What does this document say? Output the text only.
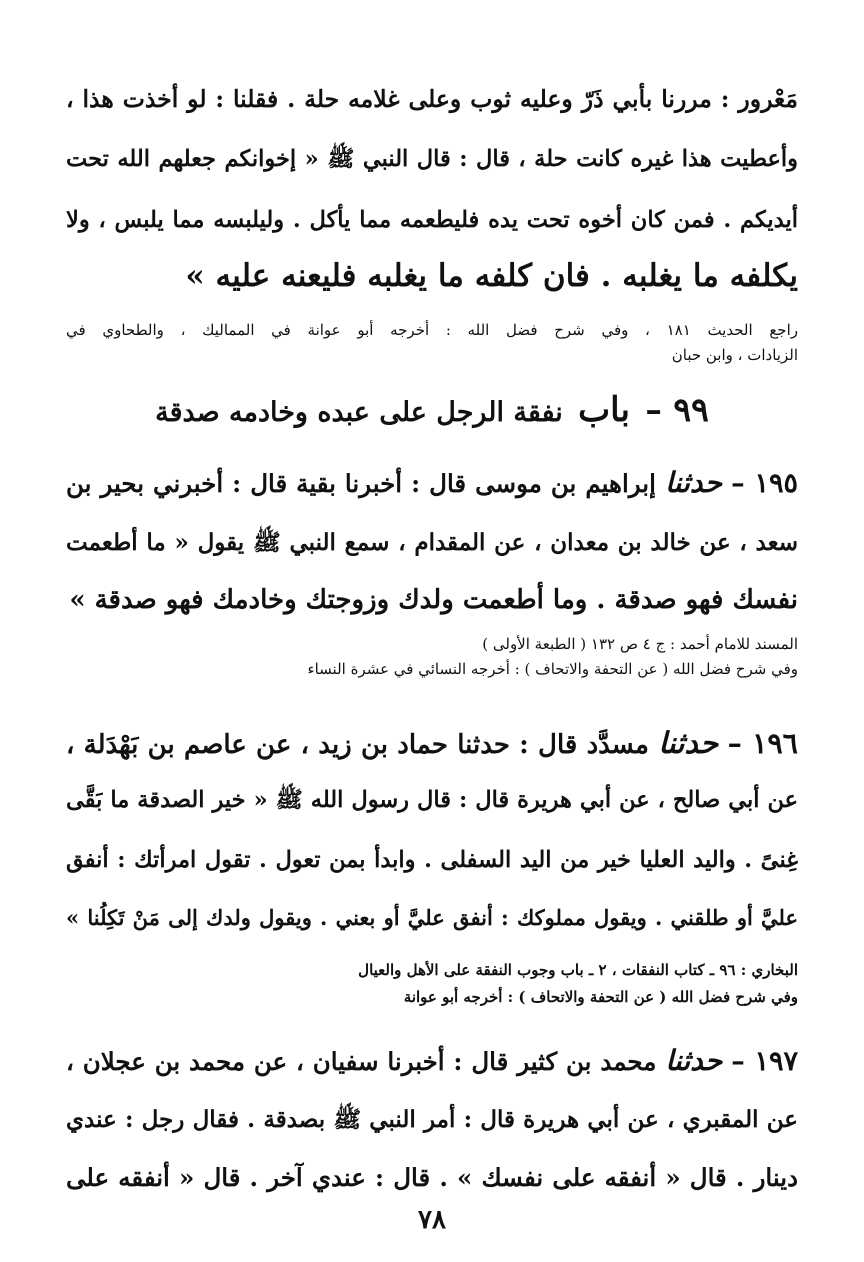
مَعْرور : مررنا بأبي ذَرّ وعليه ثوب وعلى غلامه حلة . فقلنا : لو أخذت هذا ،
وأعطيت هذا غيره كانت حلة ، قال : قال النبي ﷺ « إخوانكم جعلهم الله تحت
أيديكم . فمن كان أخوه تحت يده فليطعمه مما يأكل . وليلبسه مما يلبس ، ولا
يكلفه ما يغلبه . فان كلفه ما يغلبه فليعنه عليه »
راجع الحديث ١٨١ ، وفي شرح فضل الله : أخرجه أبو عوانة في المماليك ، والطحاوي في
الزيادات ، وابن حبان
٩٩ – باب نفقة الرجل على عبده وخادمه صدقة
١٩٥ – حدثنا إبراهيم بن موسى قال : أخبرنا بقية قال : أخبرني بحير بن
سعد ، عن خالد بن معدان ، عن المقدام ، سمع النبي ﷺ يقول « ما أطعمت
نفسك فهو صدقة . وما أطعمت ولدك وزوجتك وخادمك فهو صدقة »
المسند للامام أحمد : ج ٤ ص ١٣٢ ( الطبعة الأولى )
وفي شرح فضل الله ( عن التحفة والاتحاف ) : أخرجه النسائي في عشرة النساء
١٩٦ – حدثنا مسدَّد قال : حدثنا حماد بن زيد ، عن عاصم بن بَهْدَلة ،
عن أبي صالح ، عن أبي هريرة قال : قال رسول الله ﷺ « خير الصدقة ما بَقَّى
غِنىً . واليد العليا خير من اليد السفلى . وابدأ بمن تعول . تقول امرأتك : أنفق
عليَّ أو طلقني . ويقول مملوكك : أنفق عليَّ أو بعني . ويقول ولدك إلى مَنْ تَكِلُنا »
البخاري : ٩٦ ـ كتاب النفقات ، ٢ ـ باب وجوب النفقة على الأهل والعيال
وفي شرح فضل الله ( عن التحفة والاتحاف ) : أخرجه أبو عوانة
١٩٧ – حدثنا محمد بن كثير قال : أخبرنا سفيان ، عن محمد بن عجلان ،
عن المقبري ، عن أبي هريرة قال : أمر النبي ﷺ بصدقة . فقال رجل : عندي
دينار . قال « أنفقه على نفسك » . قال : عندي آخر . قال « أنفقه على
٧٨
